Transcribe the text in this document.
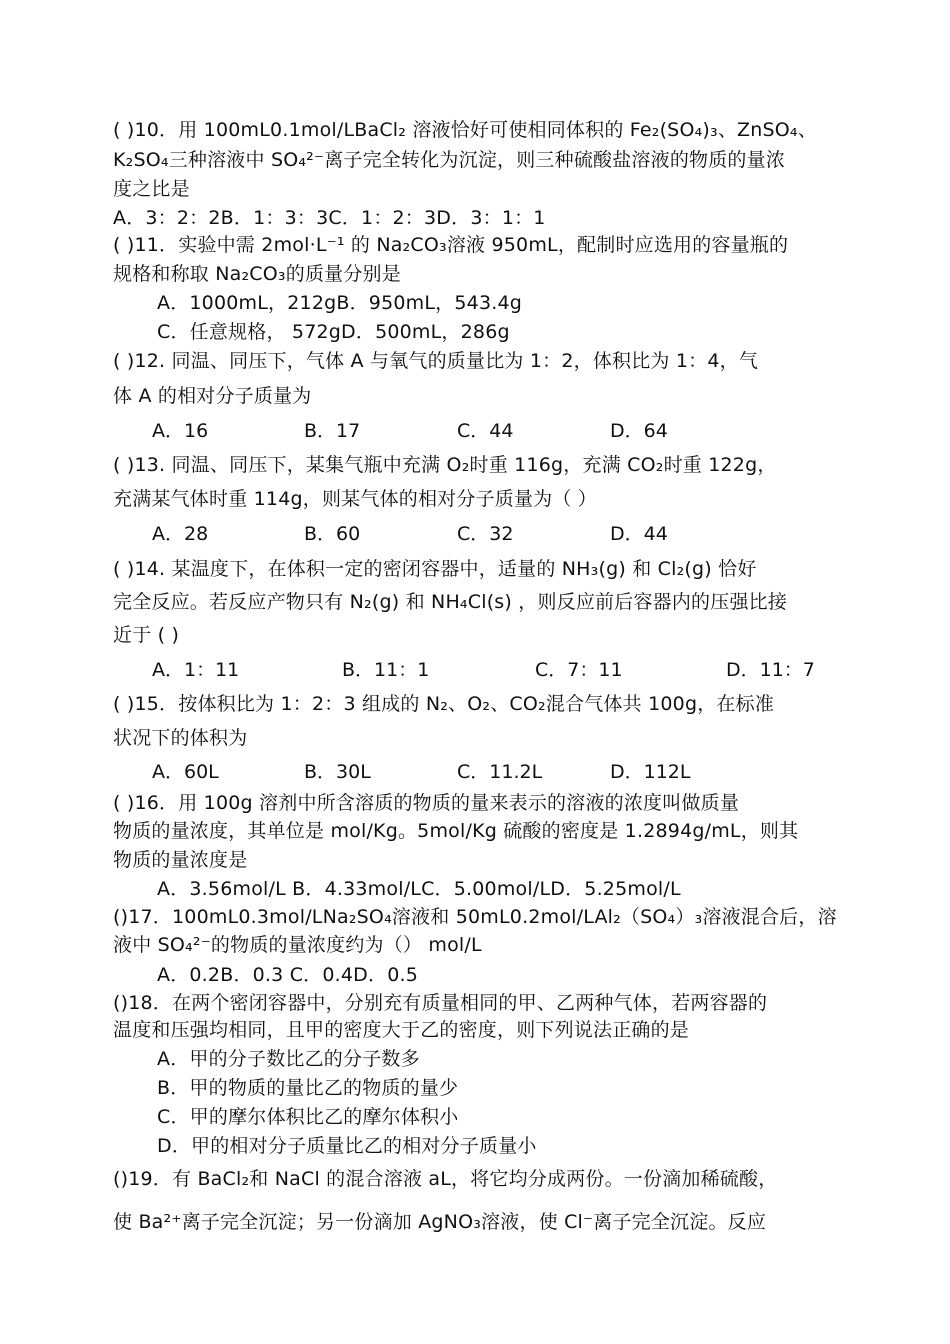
( )10．用 100mL0.1mol/LBaCl₂ 溶液恰好可使相同体积的 Fe₂(SO₄)₃、ZnSO₄、
K₂SO₄三种溶液中 SO₄²⁻离子完全转化为沉淀，则三种硫酸盐溶液的物质的量浓
度之比是
A．3：2：2B．1：3：3C．1：2：3D．3：1：1
( )11．实验中需 2mol·L⁻¹ 的 Na₂CO₃溶液 950mL，配制时应选用的容量瓶的
规格和称取 Na₂CO₃的质量分别是
A．1000mL，212gB．950mL，543.4g
C．任意规格， 572gD．500mL，286g
( )12. 同温、同压下，气体 A 与氧气的质量比为 1：2，体积比为 1：4，气
体 A 的相对分子质量为
A．16	B．17	C．44	D．64
( )13. 同温、同压下，某集气瓶中充满 O₂时重 116g，充满 CO₂时重 122g，
充满某气体时重 114g，则某气体的相对分子质量为（ ）
A．28	B．60	C．32	D．44
( )14. 某温度下，在体积一定的密闭容器中，适量的 NH₃(g) 和 Cl₂(g) 恰好
完全反应。若反应产物只有 N₂(g) 和 NH₄Cl(s) ，则反应前后容器内的压强比接
近于 ( )
A．1：11	B．11：1	C．7：11	D．11：7
( )15．按体积比为 1：2：3 组成的 N₂、O₂、CO₂混合气体共 100g，在标准
状况下的体积为
A．60L	B．30L	C．11.2L	D．112L
( )16．用 100g 溶剂中所含溶质的物质的量来表示的溶液的浓度叫做质量
物质的量浓度，其单位是 mol/Kg。5mol/Kg 硫酸的密度是 1.2894g/mL，则其
物质的量浓度是
A．3.56mol/L B．4.33mol/LC．5.00mol/LD．5.25mol/L
()17．100mL0.3mol/LNa₂SO₄溶液和 50mL0.2mol/LAl₂（SO₄）₃溶液混合后，溶
液中 SO₄²⁻的物质的量浓度约为（） mol/L
A．0.2B．0.3 C．0.4D．0.5
()18．在两个密闭容器中，分别充有质量相同的甲、乙两种气体，若两容器的
温度和压强均相同，且甲的密度大于乙的密度，则下列说法正确的是
A．甲的分子数比乙的分子数多
B．甲的物质的量比乙的物质的量少
C．甲的摩尔体积比乙的摩尔体积小
D．甲的相对分子质量比乙的相对分子质量小
()19．有 BaCl₂和 NaCl 的混合溶液 aL，将它均分成两份。一份滴加稀硫酸，
使 Ba²⁺离子完全沉淀；另一份滴加 AgNO₃溶液，使 Cl⁻离子完全沉淀。反应
